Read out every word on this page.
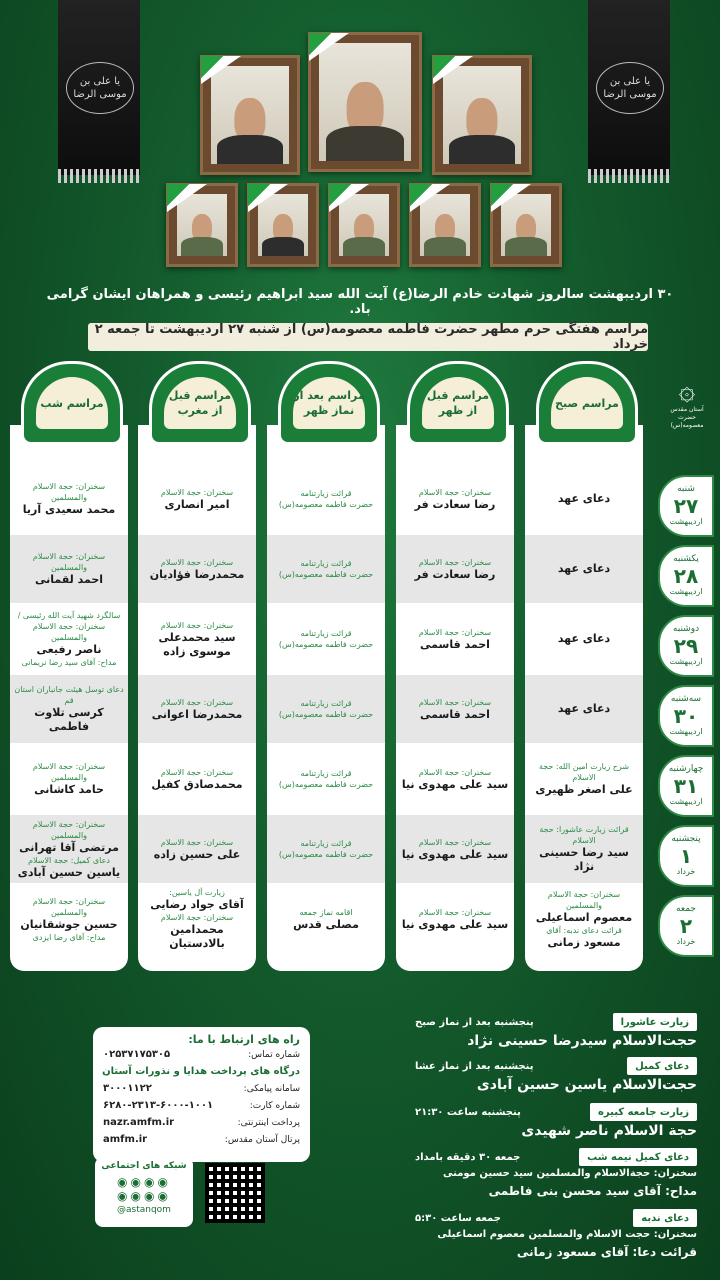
یا علی بن موسی الرضا
یا علی بن موسی الرضا
۳۰ اردیبهشت سالروز شهادت خادم الرضا(ع) آیت الله سید ابراهیم رئیسی و همراهان ایشان گرامی باد.
مراسم هفتگی حرم مطهر حضرت فاطمه معصومه(س) از شنبه ۲۷ اردیبهشت تا جمعه ۲ خرداد
۞
آستان مقدس حضرت معصومه(س)
مراسم صبح
دعای عهد
دعای عهد
دعای عهد
دعای عهد
شرح زیارت امین الله: حجة الاسلام
علی اصغر ظهیری
قرائت زیارت عاشورا: حجة الاسلام
سید رضا حسینی نژاد
سخنران: حجة الاسلام والمسلمین
معصوم اسماعیلی
قرائت دعای ندبه: آقای
مسعود زمانی
مراسم قبل از ظهر
سخنران: حجة الاسلام
رضا سعادت فر
سخنران: حجة الاسلام
رضا سعادت فر
سخنران: حجة الاسلام
احمد قاسمی
سخنران: حجة الاسلام
احمد قاسمی
سخنران: حجة الاسلام
سید علی مهدوی نیا
سخنران: حجة الاسلام
سید علی مهدوی نیا
سخنران: حجة الاسلام
سید علی مهدوی نیا
مراسم بعد از نماز ظهر
قرائت زیارتنامه
حضرت فاطمه معصومه(س)
قرائت زیارتنامه
حضرت فاطمه معصومه(س)
قرائت زیارتنامه
حضرت فاطمه معصومه(س)
قرائت زیارتنامه
حضرت فاطمه معصومه(س)
قرائت زیارتنامه
حضرت فاطمه معصومه(س)
قرائت زیارتنامه
حضرت فاطمه معصومه(س)
اقامه نماز جمعه
مصلی قدس
مراسم قبل از مغرب
سخنران: حجة الاسلام
امیر انصاری
سخنران: حجة الاسلام
محمدرضا فؤادیان
سخنران: حجة الاسلام
سید محمدعلی موسوی زاده
سخنران: حجة الاسلام
محمدرضا اعوانی
سخنران: حجة الاسلام
محمدصادق کفیل
سخنران: حجة الاسلام
علی حسین زاده
زیارت آل یاسین:
آقای جواد رضایی
سخنران: حجة الاسلام
محمدامین بالادستیان
مراسم شب
سخنران: حجة الاسلام والمسلمین
محمد سعیدی آریا
سخنران: حجة الاسلام والمسلمین
احمد لقمانی
سالگرد شهید آیت الله رئیسی / سخنران: حجة الاسلام والمسلمین
ناصر رفیعی
مداح: آقای سید رضا نریمانی
دعای توسل هیئت جانباران استان قم
کرسی تلاوت فاطمی
سخنران: حجة الاسلام والمسلمین
حامد کاشانی
سخنران: حجة الاسلام والمسلمین
مرتضی آقا تهرانی
دعای کمیل: حجة الاسلام
یاسین حسین آبادی
سخنران: حجة الاسلام والمسلمین
حسین جوشقانیان
مداح: آقای رضا ایزدی
شنبه
۲۷
اردیبهشت
یکشنبه
۲۸
اردیبهشت
دوشنبه
۲۹
اردیبهشت
سه‌شنبه
۳۰
اردیبهشت
چهارشنبه
۳۱
اردیبهشت
پنجشنبه
۱
خرداد
جمعه
۲
خرداد
راه های ارتباط با ما:
شماره تماس:
۰۲۵۳۷۱۷۵۳۰۵
درگاه های پرداخت هدایا و نذورات آستان
سامانه پیامکی:
۳۰۰۰۱۱۲۲
شماره کارت:
۶۲۸۰-۲۳۱۳-۶۰۰۰-۱۰۰۱
پرداخت اینترنتی:
nazr.amfm.ir
پرتال آستان مقدس:
amfm.ir
شبکه های اجتماعی
◉◉◉◉
◉◉◉◉
@astanqom
زیارت عاشورا
پنجشنبه بعد از نماز صبح
حجت‌الاسلام سیدرضا حسینی نژاد
دعای کمیل
پنجشنبه بعد از نماز عشا
حجت‌الاسلام یاسین حسین آبادی
زیارت جامعه کبیره
پنجشنبه ساعت ۲۱:۳۰
حجة الاسلام ناصر شهیدی
دعای کمیل نیمه شب
جمعه ۳۰ دقیقه بامداد
سخنران: حجة‌الاسلام والمسلمین سید حسین مومنی
مداح: آقای سید محسن بنی فاطمی
دعای ندبه
جمعه ساعت ۵:۳۰
سخنران: حجت الاسلام والمسلمین معصوم اسماعیلی
قرائت دعا: آقای مسعود زمانی
